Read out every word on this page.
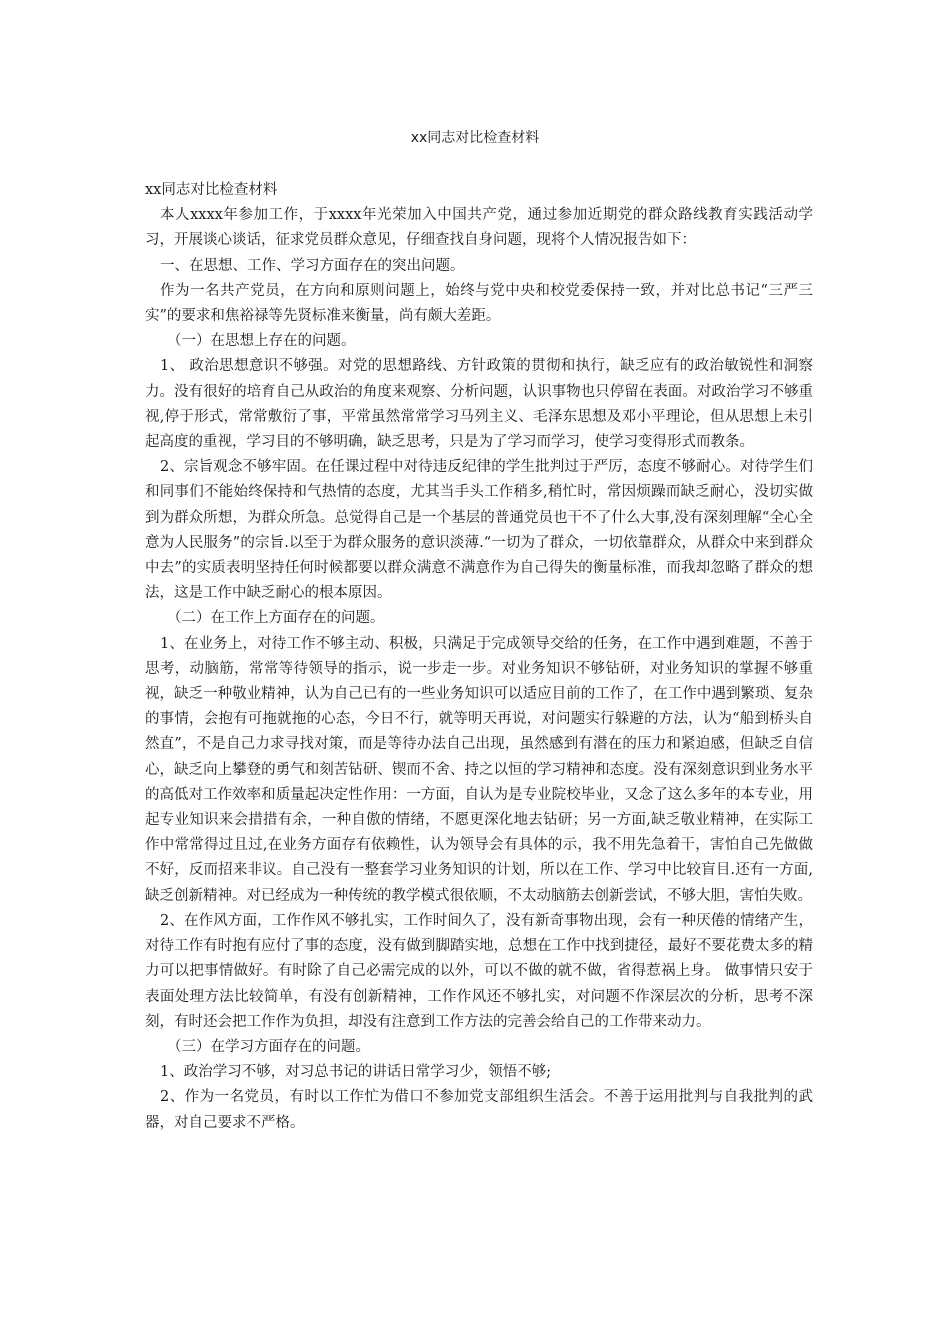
xx同志对比检查材料

xx同志对比检查材料

本人xxxx年参加工作，于xxxx年光荣加入中国共产党，通过参加近期党的群众路线教育实践活动学习，开展谈心谈话，征求党员群众意见，仔细查找自身问题，现将个人情况报告如下：

一、在思想、工作、学习方面存在的突出问题。

作为一名共产党员，在方向和原则问题上，始终与党中央和校党委保持一致，并对比总书记“三严三实”的要求和焦裕禄等先贤标准来衡量，尚有颇大差距。

（一）在思想上存在的问题。

1、 政治思想意识不够强。对党的思想路线、方针政策的贯彻和执行，缺乏应有的政治敏锐性和洞察力。没有很好的培育自己从政治的角度来观察、分析问题，认识事物也只停留在表面。对政治学习不够重视,停于形式，常常敷衍了事，平常虽然常常学习马列主义、毛泽东思想及邓小平理论，但从思想上未引起高度的重视，学习目的不够明确，缺乏思考，只是为了学习而学习，使学习变得形式而教条。

2、宗旨观念不够牢固。在任课过程中对待违反纪律的学生批判过于严厉，态度不够耐心。对待学生们和同事们不能始终保持和气热情的态度，尤其当手头工作稍多,稍忙时，常因烦躁而缺乏耐心，没切实做到为群众所想，为群众所急。总觉得自己是一个基层的普通党员也干不了什么大事,没有深刻理解“全心全意为人民服务”的宗旨.以至于为群众服务的意识淡薄.“一切为了群众，一切依靠群众，从群众中来到群众中去”的实质表明坚持任何时候都要以群众满意不满意作为自己得失的衡量标准，而我却忽略了群众的想法，这是工作中缺乏耐心的根本原因。

（二）在工作上方面存在的问题。

1、在业务上，对待工作不够主动、积极，只满足于完成领导交给的任务，在工作中遇到难题，不善于思考，动脑筋，常常等待领导的指示，说一步走一步。对业务知识不够钻研，对业务知识的掌握不够重视，缺乏一种敬业精神，认为自己已有的一些业务知识可以适应目前的工作了，在工作中遇到繁琐、复杂的事情，会抱有可拖就拖的心态，今日不行，就等明天再说，对问题实行躲避的方法，认为“船到桥头自然直”，不是自己力求寻找对策，而是等待办法自己出现，虽然感到有潜在的压力和紧迫感，但缺乏自信心，缺乏向上攀登的勇气和刻苦钻研、锲而不舍、持之以恒的学习精神和态度。没有深刻意识到业务水平的高低对工作效率和质量起决定性作用：一方面，自认为是专业院校毕业，又念了这么多年的本专业，用起专业知识来会措措有余，一种自傲的情绪，不愿更深化地去钻研；另一方面,缺乏敬业精神，在实际工作中常常得过且过,在业务方面存有依赖性，认为领导会有具体的示，我不用先急着干，害怕自己先做做不好，反而招来非议。自己没有一整套学习业务知识的计划，所以在工作、学习中比较盲目.还有一方面,缺乏创新精神。对已经成为一种传统的教学模式很依顺，不太动脑筋去创新尝试，不够大胆，害怕失败。

2、在作风方面，工作作风不够扎实，工作时间久了，没有新奇事物出现，会有一种厌倦的情绪产生，对待工作有时抱有应付了事的态度，没有做到脚踏实地，总想在工作中找到捷径，最好不要花费太多的精力可以把事情做好。有时除了自己必需完成的以外，可以不做的就不做，省得惹祸上身。 做事情只安于表面处理方法比较简单，有没有创新精神，工作作风还不够扎实，对问题不作深层次的分析，思考不深刻，有时还会把工作作为负担，却没有注意到工作方法的完善会给自己的工作带来动力。

（三）在学习方面存在的问题。

1、政治学习不够，对习总书记的讲话日常学习少，领悟不够;

2、作为一名党员，有时以工作忙为借口不参加党支部组织生活会。不善于运用批判与自我批判的武器，对自己要求不严格。
